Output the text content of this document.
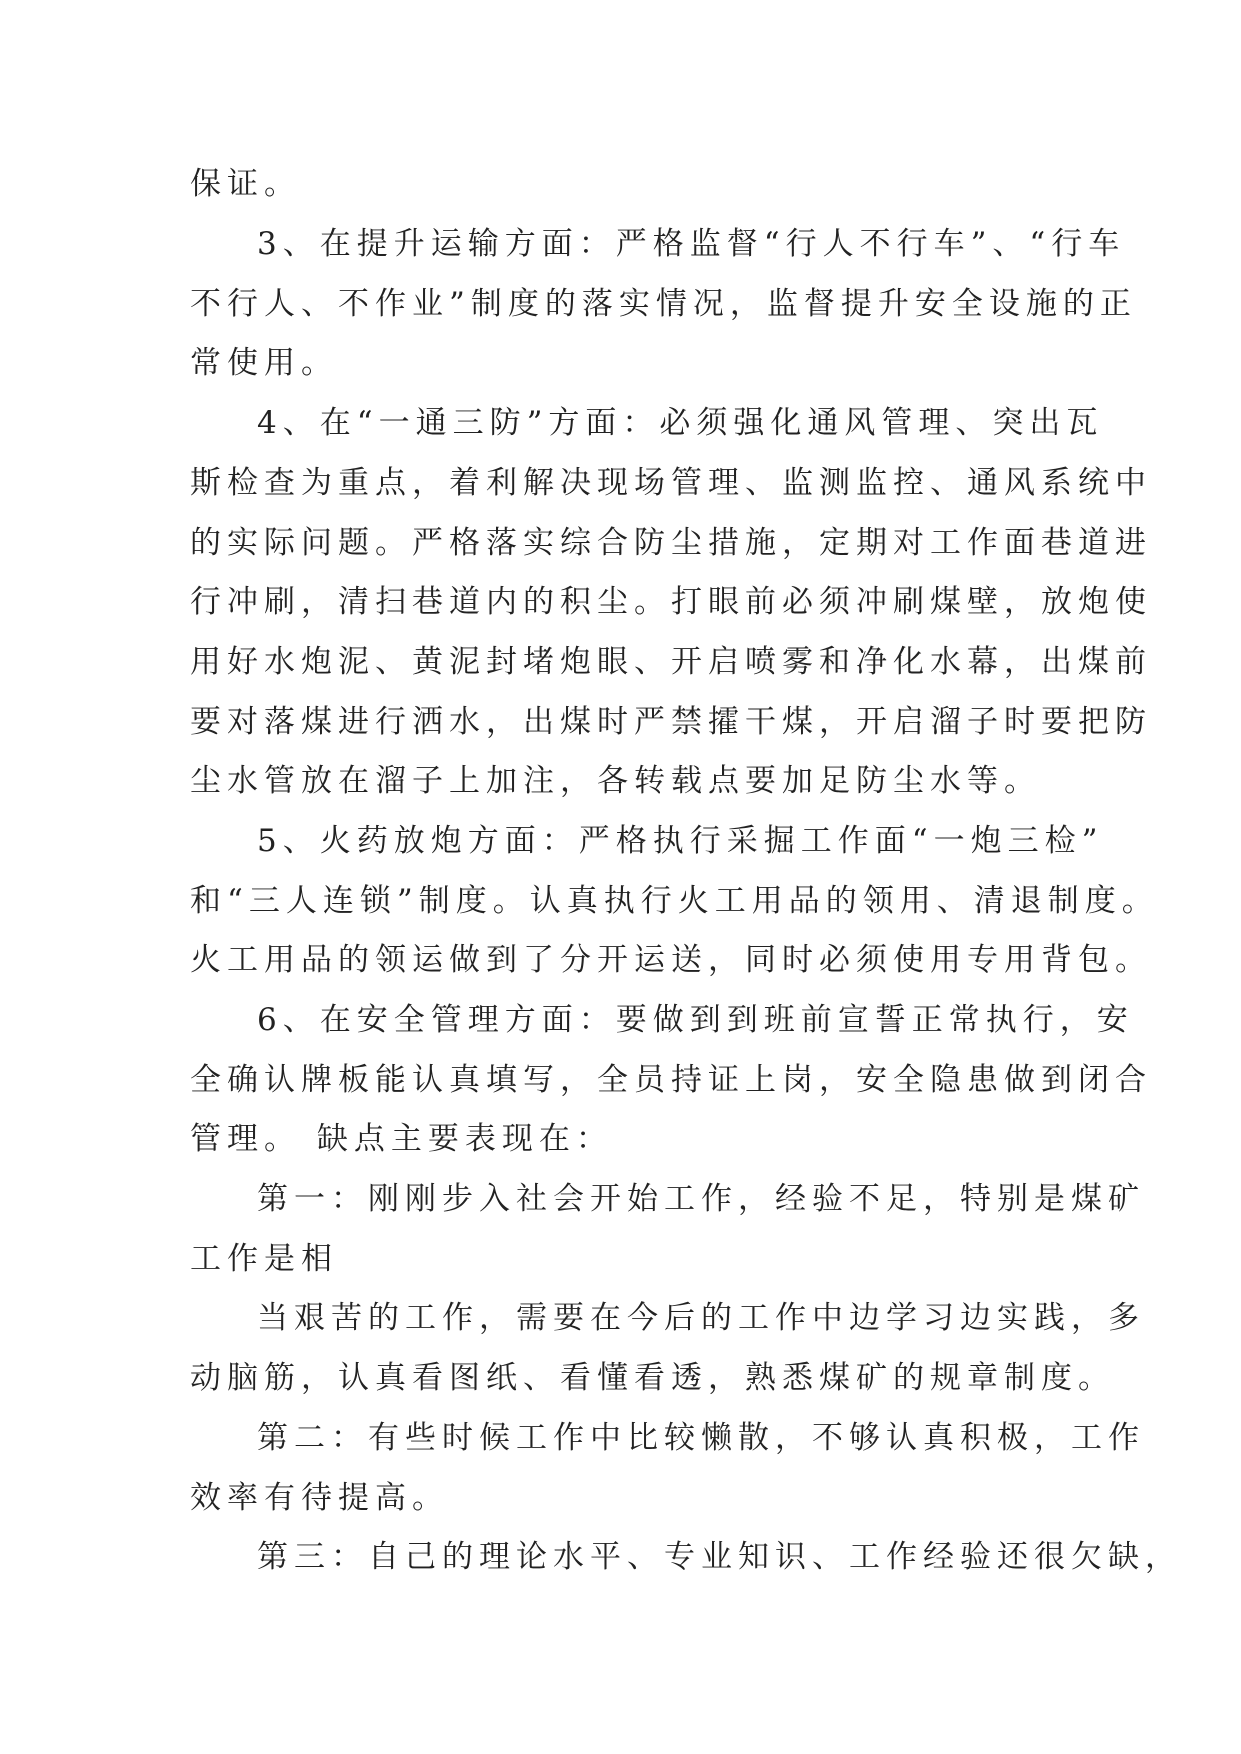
保证。
3、在提升运输方面：严格监督“行人不行车”、“行车
不行人、不作业”制度的落实情况，监督提升安全设施的正
常使用。
4、在“一通三防”方面：必须强化通风管理、突出瓦
斯检查为重点，着利解决现场管理、监测监控、通风系统中
的实际问题。严格落实综合防尘措施，定期对工作面巷道进
行冲刷，清扫巷道内的积尘。打眼前必须冲刷煤壁，放炮使
用好水炮泥、黄泥封堵炮眼、开启喷雾和净化水幕，出煤前
要对落煤进行洒水，出煤时严禁攉干煤，开启溜子时要把防
尘水管放在溜子上加注，各转载点要加足防尘水等。
5、火药放炮方面：严格执行采掘工作面“一炮三检”
和“三人连锁”制度。认真执行火工用品的领用、清退制度。
火工用品的领运做到了分开运送，同时必须使用专用背包。
6、在安全管理方面：要做到到班前宣誓正常执行，安
全确认牌板能认真填写，全员持证上岗，安全隐患做到闭合
管理。 缺点主要表现在：
第一：刚刚步入社会开始工作，经验不足，特别是煤矿
工作是相
当艰苦的工作，需要在今后的工作中边学习边实践，多
动脑筋，认真看图纸、看懂看透，熟悉煤矿的规章制度。
第二：有些时候工作中比较懒散，不够认真积极，工作
效率有待提高。
第三：自己的理论水平、专业知识、工作经验还很欠缺，
